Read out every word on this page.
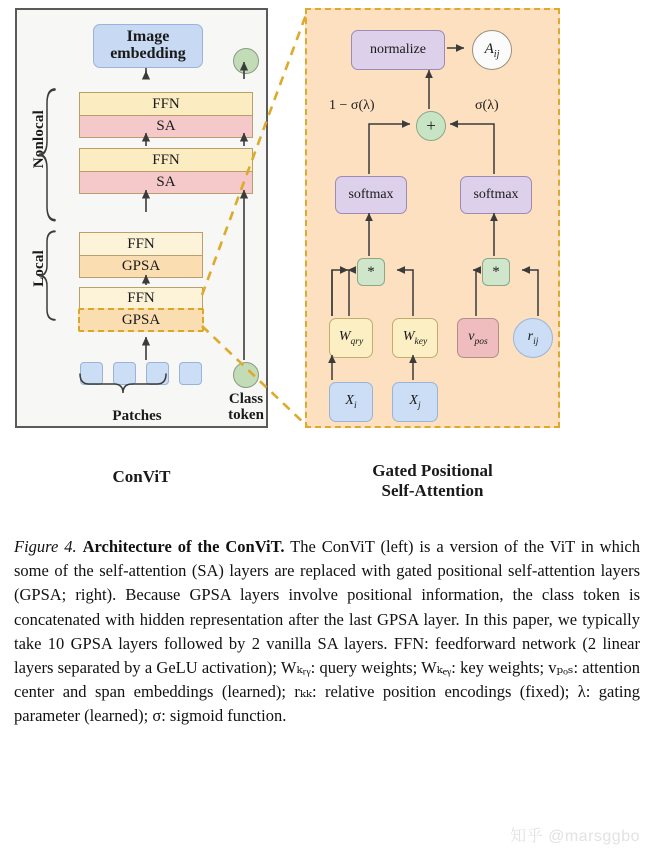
Image
embedding
FFN
SA
FFN
SA
FFN
GPSA
FFN
GPSA
Nonlocal
Local
Patches
Class
token
normalize	$A_{ij}$
+
1 − σ(λ)	σ(λ)
softmax	softmax
*	*
$W_{qry}$	$W_{key}$	$v_{pos}$	$r_{ij}$
$X_i$	$X_j$
ConViT	Gated Positional
Self-Attention
Figure 4. Architecture of the ConViT. The ConViT (left) is a version of the ViT in which some of the self-attention (SA) layers are replaced with gated positional self-attention layers (GPSA; right). Because GPSA layers involve positional information, the class token is concatenated with hidden representation after the last GPSA layer. In this paper, we typically take 10 GPSA layers followed by 2 vanilla SA layers. FFN: feedforward network (2 linear layers separated by a GeLU activation); Wₖᵣᵧ: query weights; Wₖₑᵧ: key weights; ᴠₚₒₛ: attention center and span embeddings (learned); rₖₖ: relative position encodings (fixed); λ: gating parameter (learned); σ: sigmoid function.
知乎 @marsggbo
